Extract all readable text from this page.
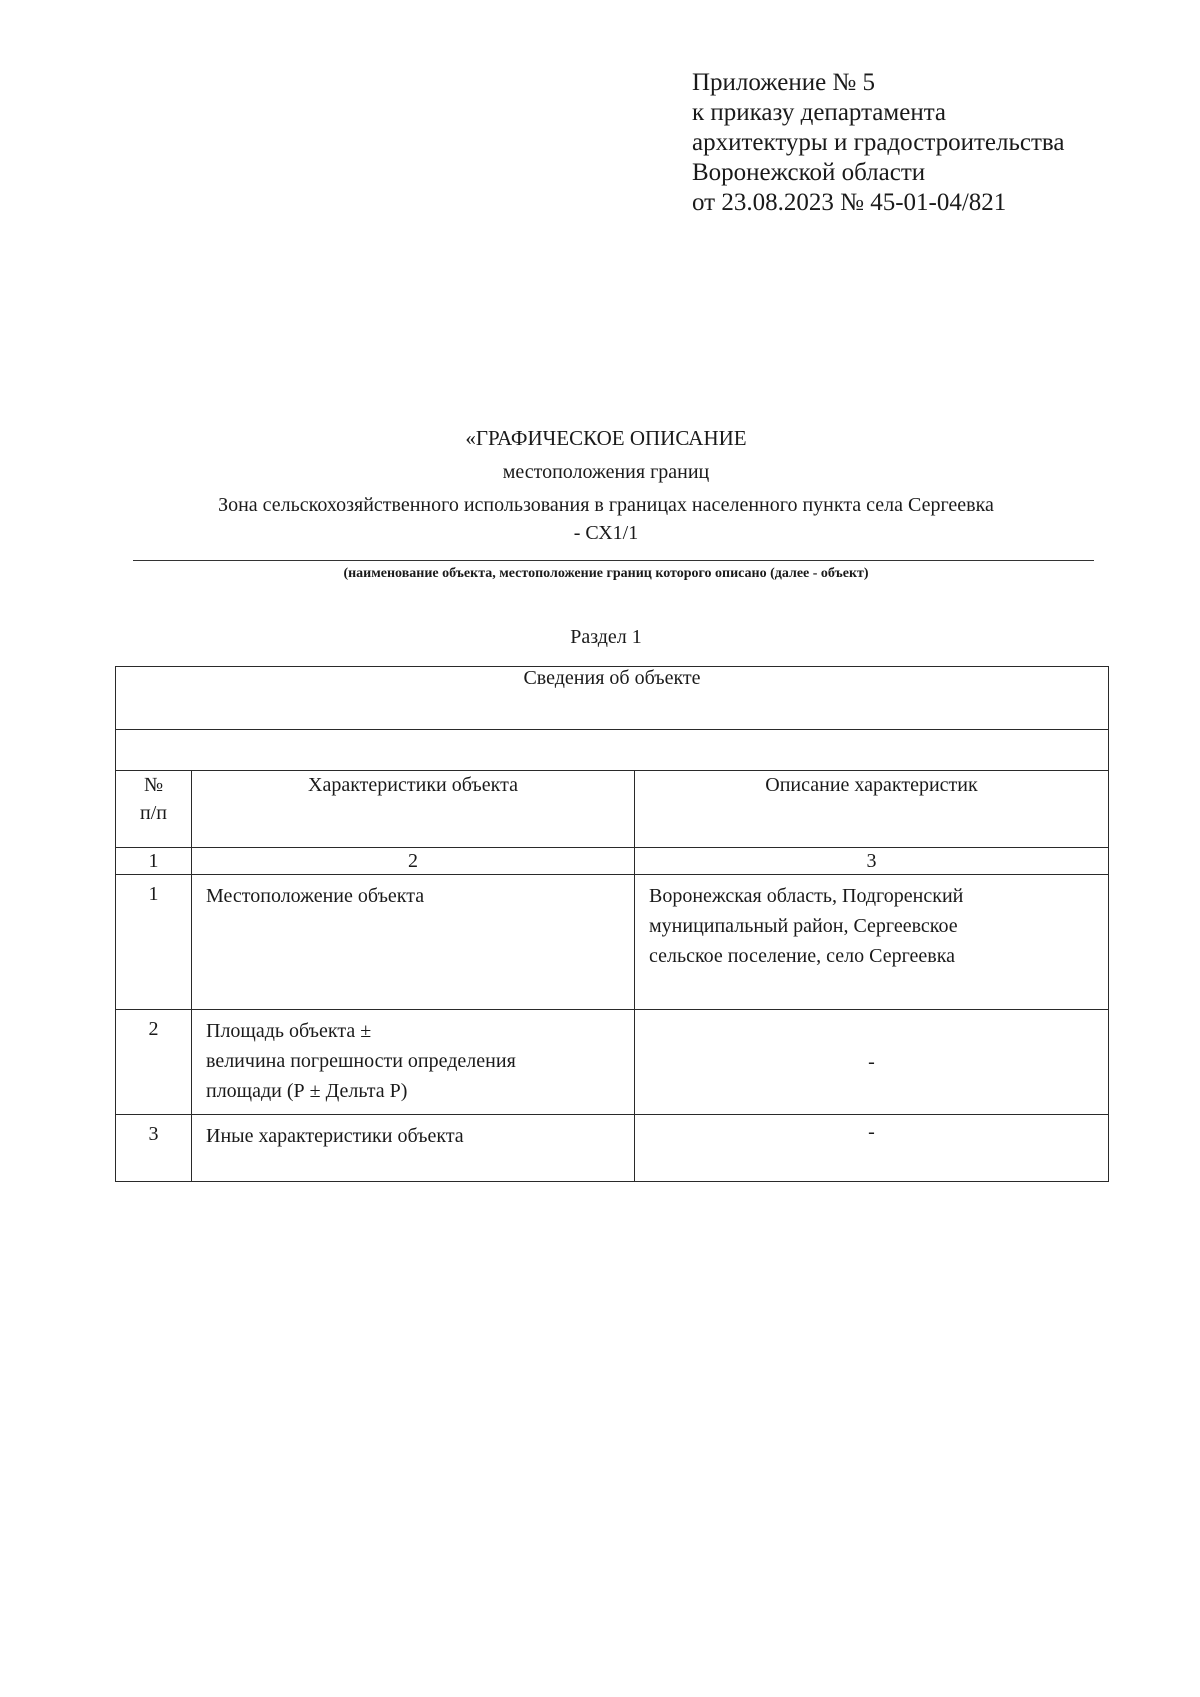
Приложение № 5
к приказу департамента
архитектуры и градостроительства
Воронежской области
от 23.08.2023 № 45-01-04/821
«ГРАФИЧЕСКОЕ ОПИСАНИЕ
местоположения границ
Зона сельскохозяйственного использования в границах населенного пункта села Сергеевка
- СХ1/1
(наименование объекта, местоположение границ которого описано (далее - объект)
Раздел 1
Сведения об объекте		

№
п/п	Характеристики объекта	Описание характеристик
1	2	3
1	Местоположение объекта	Воронежская область, Подгоренский
муниципальный район, Сергеевское
сельское поселение, село Сергеевка

2	Площадь объекта ±
величина погрешности определения
площади (Р ± Дельта Р)	-
3	Иные характеристики объекта	-
